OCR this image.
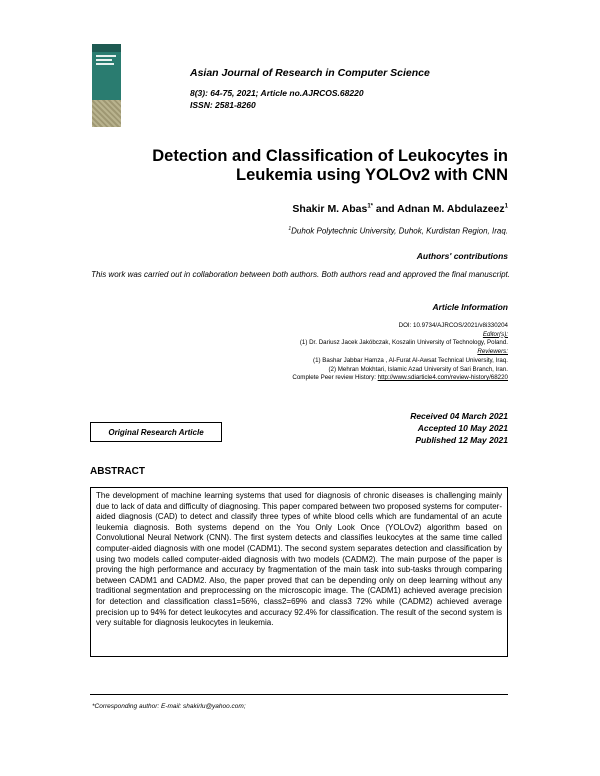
Asian Journal of Research in Computer Science
8(3): 64-75, 2021; Article no.AJRCOS.68220
ISSN: 2581-8260
Detection and Classification of Leukocytes in
Leukemia using YOLOv2 with CNN
Shakir M. Abas$^{1*}$ and Adnan M. Abdulazeez$^1$
$^1$Duhok Polytechnic University, Duhok, Kurdistan Region, Iraq.
Authors' contributions
This work was carried out in collaboration between both authors. Both authors read and approved the final manuscript.
Article Information
DOI: 10.9734/AJRCOS/2021/v8i330204
Editor(s):
(1) Dr. Dariusz Jacek Jakóbczak, Koszalin University of Technology, Poland.
Reviewers:
(1) Bashar Jabbar Hamza , Al-Furat Al-Awsat Technical University, Iraq.
(2) Mehran Mokhtari, Islamic Azad University of Sari Branch, Iran.
Complete Peer review History: http://www.sdiarticle4.com/review-history/68220
Received 04 March 2021
Accepted 10 May 2021
Published 12 May 2021
Original Research Article
ABSTRACT
The development of machine learning systems that used for diagnosis of chronic diseases is challenging mainly due to lack of data and difficulty of diagnosing. This paper compared between two proposed systems for computer-aided diagnosis (CAD) to detect and classify three types of white blood cells which are fundamental of an acute leukemia diagnosis. Both systems depend on the You Only Look Once (YOLOv2) algorithm based on Convolutional Neural Network (CNN). The first system detects and classifies leukocytes at the same time called computer-aided diagnosis with one model (CADM1). The second system separates detection and classification by using two models called computer-aided diagnosis with two models (CADM2). The main purpose of the paper is proving the high performance and accuracy by fragmentation of the main task into sub-tasks through comparing between CADM1 and CADM2. Also, the paper proved that can be depending only on deep learning without any traditional segmentation and preprocessing on the microscopic image. The (CADM1) achieved average precision for detection and classification class1=56%, class2=69% and class3 72% while (CADM2) achieved average precision up to 94% for detect leukocytes and accuracy 92.4% for classification. The result of the second system is very suitable for diagnosis leukocytes in leukemia.
*Corresponding author: E-mail: shakirlu@yahoo.com;
